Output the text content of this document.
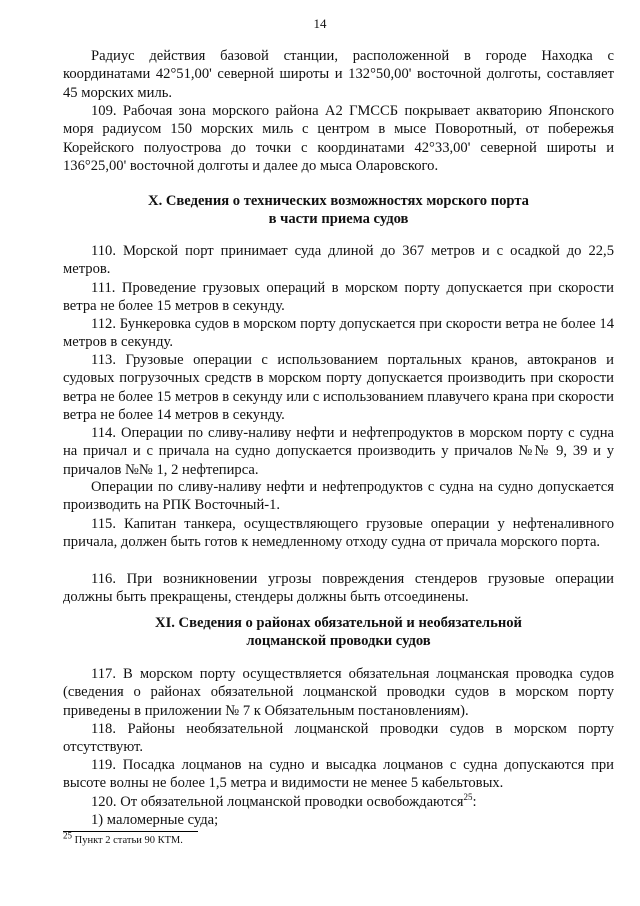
14

Радиус действия базовой станции, расположенной в городе Находка с координатами 42°51,00' северной широты и 132°50,00' восточной долготы, составляет 45 морских миль.

109. Рабочая зона морского района А2 ГМССБ покрывает акваторию Японского моря радиусом 150 морских миль с центром в мысе Поворотный, от побережья Корейского полуострова до точки с координатами 42°33,00' северной широты и 136°25,00' восточной долготы и далее до мыса Оларовского.

X. Сведения о технических возможностях морского порта

в части приема судов

110. Морской порт принимает суда длиной до 367 метров и с осадкой до 22,5 метров.

111. Проведение грузовых операций в морском порту допускается при скорости ветра не более 15 метров в секунду.

112. Бункеровка судов в морском порту допускается при скорости ветра не более 14 метров в секунду.

113. Грузовые операции с использованием портальных кранов, автокранов и судовых погрузочных средств в морском порту допускается производить при скорости ветра не более 15 метров в секунду или с использованием плавучего крана при скорости ветра не более 14 метров в секунду.

114. Операции по сливу-наливу нефти и нефтепродуктов в морском порту с судна на причал и с причала на судно допускается производить у причалов №№ 9, 39 и у причалов №№ 1, 2 нефтепирса.

Операции по сливу-наливу нефти и нефтепродуктов с судна на судно допускается производить на РПК Восточный-1.

115. Капитан танкера, осуществляющего грузовые операции у нефтеналивного причала, должен быть готов к немедленному отходу судна от причала морского порта.

116. При возникновении угрозы повреждения стендеров грузовые операции должны быть прекращены, стендеры должны быть отсоединены.

XI. Сведения о районах обязательной и необязательной

лоцманской проводки судов

117. В морском порту осуществляется обязательная лоцманская проводка судов (сведения о районах обязательной лоцманской проводки судов в морском порту приведены в приложении № 7 к Обязательным постановлениям).

118. Районы необязательной лоцманской проводки судов в морском порту отсутствуют.

119. Посадка лоцманов на судно и высадка лоцманов с судна допускаются при высоте волны не более 1,5 метра и видимости не менее 5 кабельтовых.

120. От обязательной лоцманской проводки освобождаются$^{25}$:

1) маломерные суда;

$^{25}$ Пункт 2 статьи 90 КТМ.
